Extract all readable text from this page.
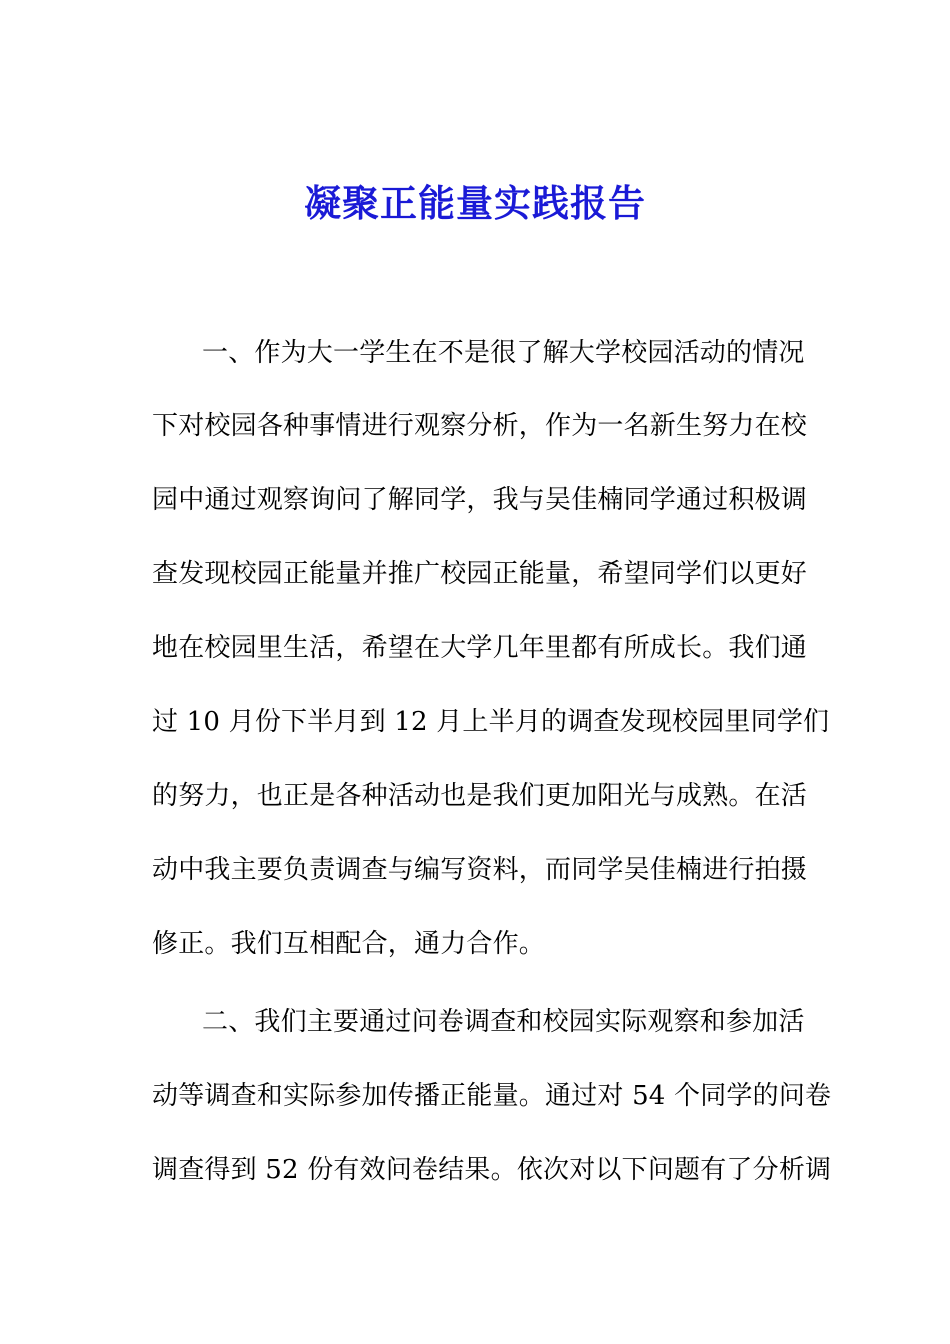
凝聚正能量实践报告
一、作为大一学生在不是很了解大学校园活动的情况
下对校园各种事情进行观察分析，作为一名新生努力在校
园中通过观察询问了解同学，我与吴佳楠同学通过积极调
查发现校园正能量并推广校园正能量，希望同学们以更好
地在校园里生活，希望在大学几年里都有所成长。我们通
过 10 月份下半月到 12 月上半月的调查发现校园里同学们
的努力，也正是各种活动也是我们更加阳光与成熟。在活
动中我主要负责调查与编写资料，而同学吴佳楠进行拍摄
修正。我们互相配合，通力合作。
二、我们主要通过问卷调查和校园实际观察和参加活
动等调查和实际参加传播正能量。通过对 54 个同学的问卷
调查得到 52 份有效问卷结果。依次对以下问题有了分析调
